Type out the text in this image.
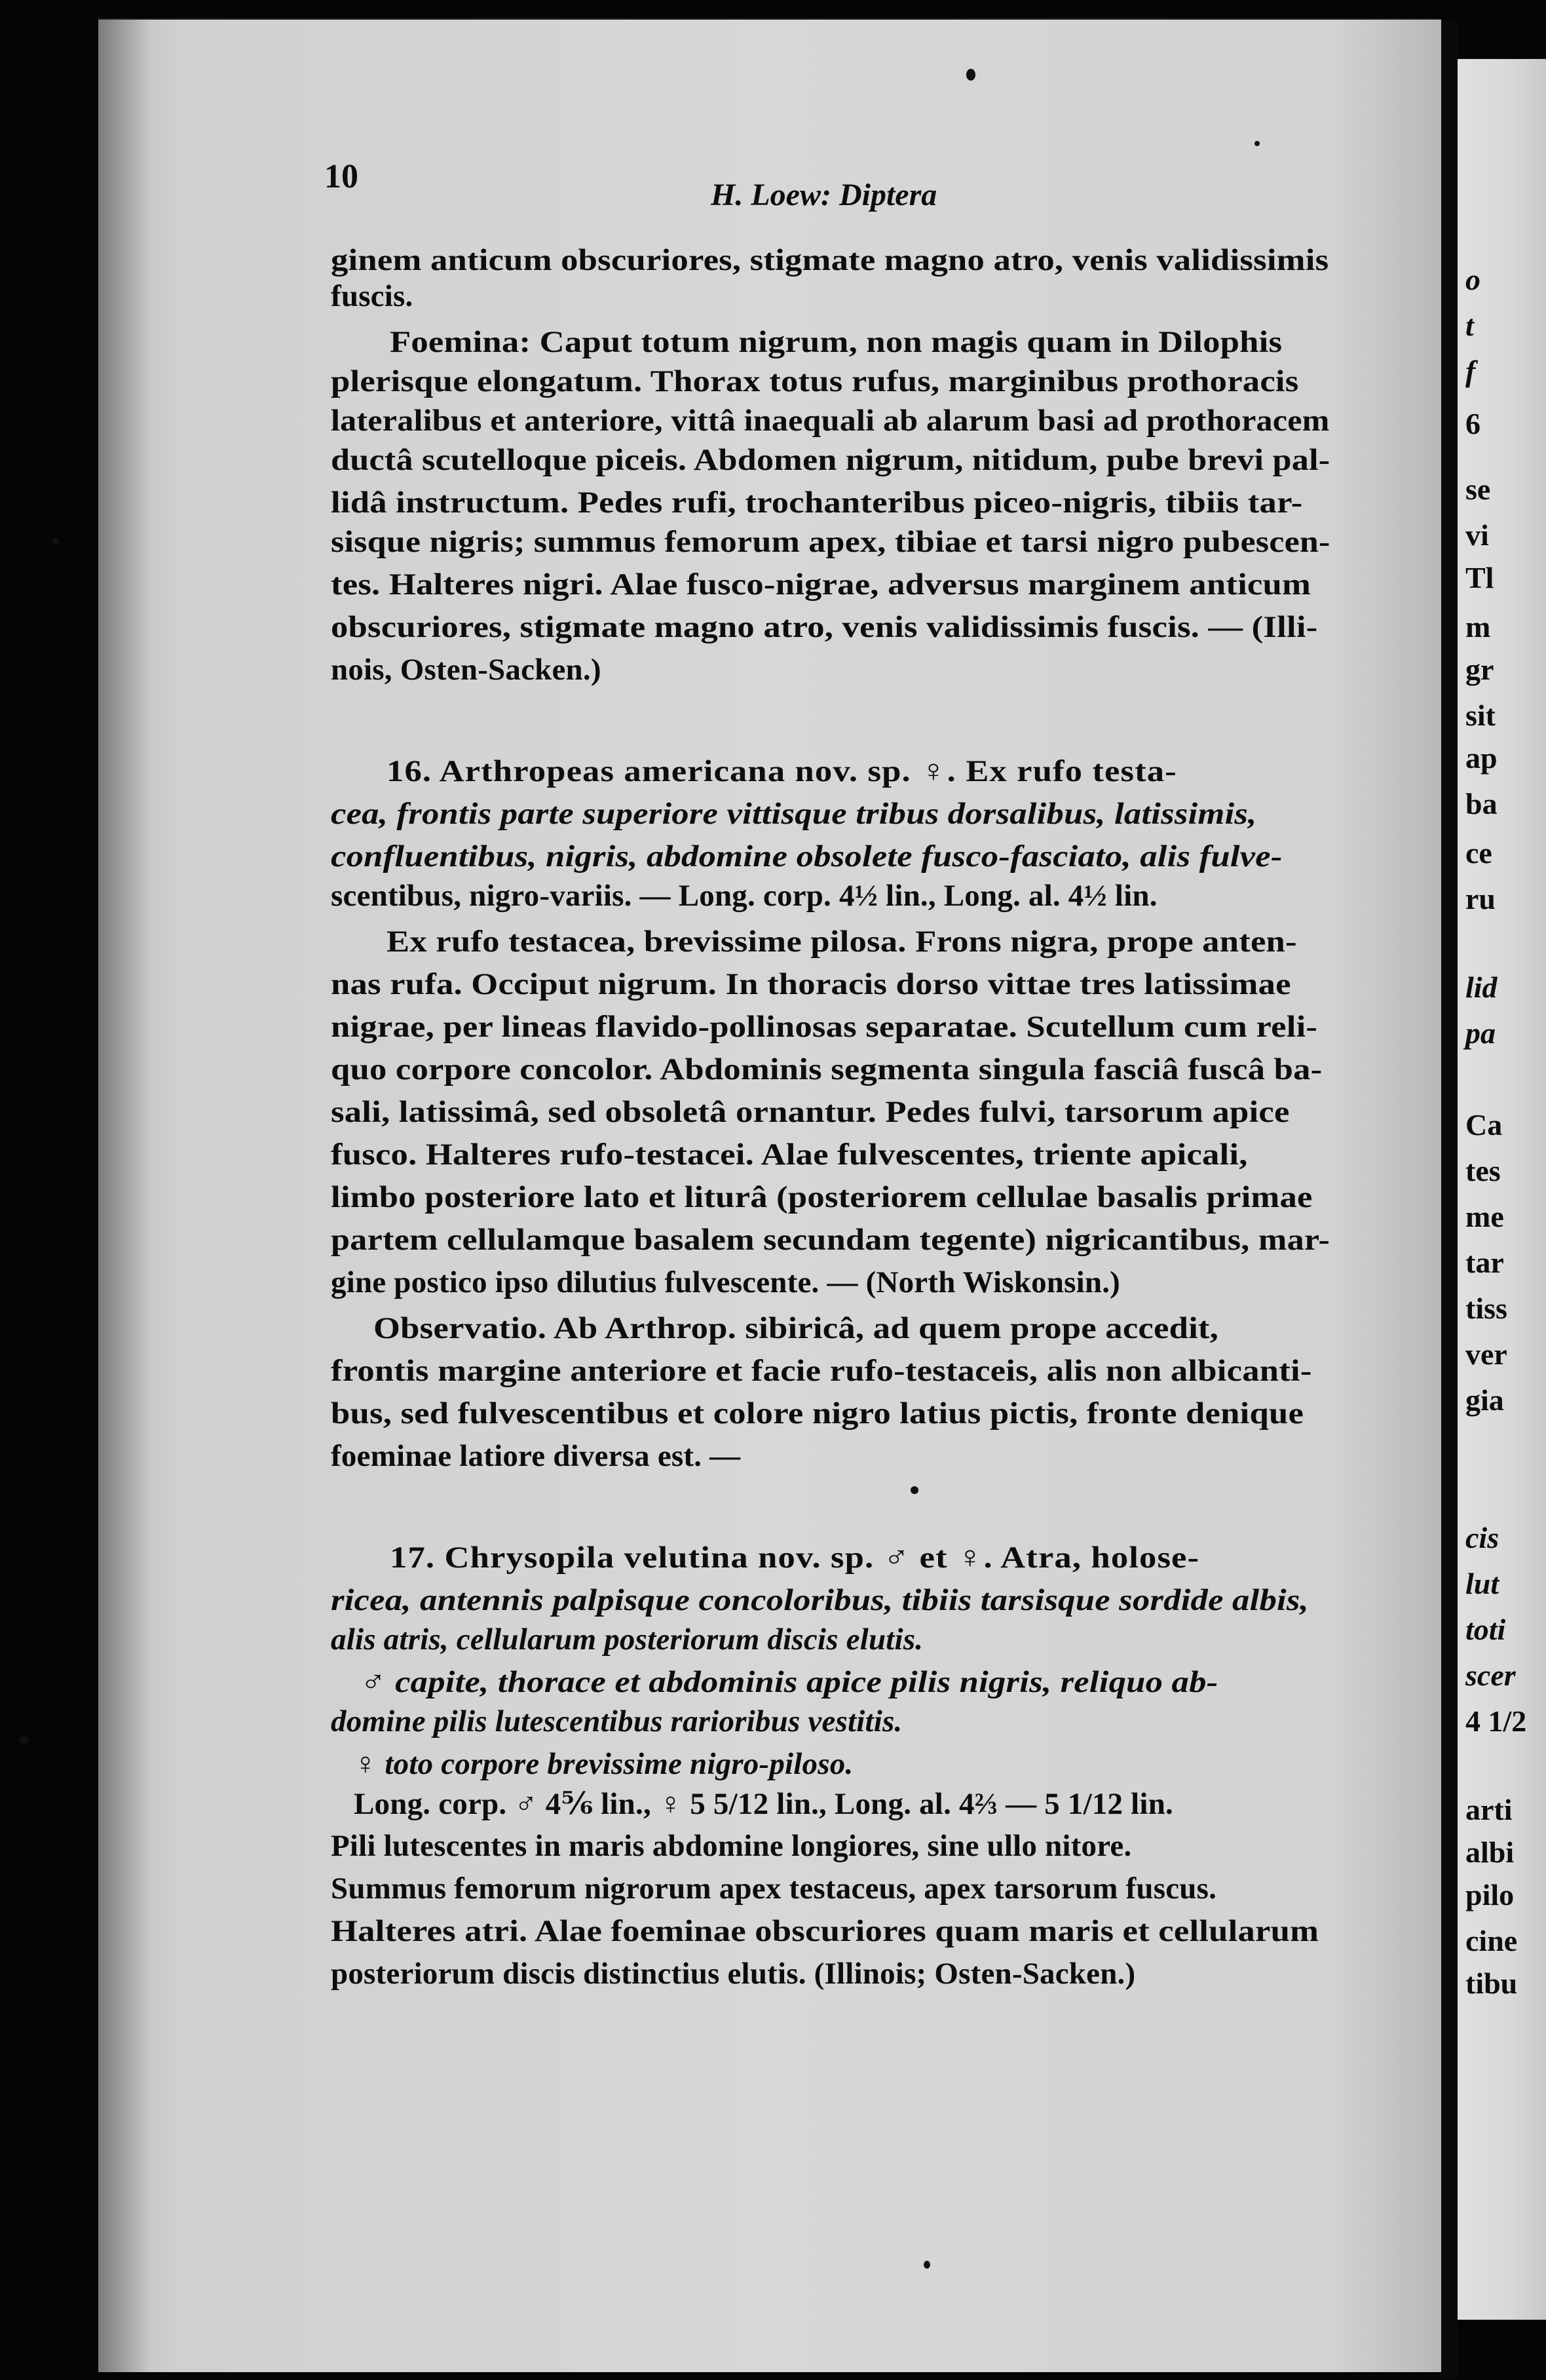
10	H. Loew: Diptera
ginem anticum obscuriores, stigmate magno atro, venis validissimis
fuscis.
Foemina: Caput totum nigrum, non magis quam in Dilophis
plerisque elongatum. Thorax totus rufus, marginibus prothoracis
lateralibus et anteriore, vittâ inaequali ab alarum basi ad prothoracem
ductâ scutelloque piceis. Abdomen nigrum, nitidum, pube brevi pal-
lidâ instructum. Pedes rufi, trochanteribus piceo-nigris, tibiis tar-
sisque nigris; summus femorum apex, tibiae et tarsi nigro pubescen-
tes. Halteres nigri. Alae fusco-nigrae, adversus marginem anticum
obscuriores, stigmate magno atro, venis validissimis fuscis. — (Illi-
nois, Osten-Sacken.)
16. Arthropeas americana nov. sp. ♀. Ex rufo testa-
cea, frontis parte superiore vittisque tribus dorsalibus, latissimis,
confluentibus, nigris, abdomine obsolete fusco-fasciato, alis fulve-
scentibus, nigro-variis. — Long. corp. 4½ lin., Long. al. 4½ lin.
Ex rufo testacea, brevissime pilosa. Frons nigra, prope anten-
nas rufa. Occiput nigrum. In thoracis dorso vittae tres latissimae
nigrae, per lineas flavido-pollinosas separatae. Scutellum cum reli-
quo corpore concolor. Abdominis segmenta singula fasciâ fuscâ ba-
sali, latissimâ, sed obsoletâ ornantur. Pedes fulvi, tarsorum apice
fusco. Halteres rufo-testacei. Alae fulvescentes, triente apicali,
limbo posteriore lato et liturâ (posteriorem cellulae basalis primae
partem cellulamque basalem secundam tegente) nigricantibus, mar-
gine postico ipso dilutius fulvescente. — (North Wiskonsin.)
Observatio. Ab Arthrop. sibiricâ, ad quem prope accedit,
frontis margine anteriore et facie rufo-testaceis, alis non albicanti-
bus, sed fulvescentibus et colore nigro latius pictis, fronte denique
foeminae latiore diversa est. —
17. Chrysopila velutina nov. sp. ♂ et ♀. Atra, holose-
ricea, antennis palpisque concoloribus, tibiis tarsisque sordide albis,
alis atris, cellularum posteriorum discis elutis.
♂ capite, thorace et abdominis apice pilis nigris, reliquo ab-
domine pilis lutescentibus rarioribus vestitis.
♀ toto corpore brevissime nigro-piloso.
Long. corp. ♂ 4⅚ lin., ♀ 5 5/12 lin., Long. al. 4⅔ — 5 1/12 lin.
Pili lutescentes in maris abdomine longiores, sine ullo nitore.
Summus femorum nigrorum apex testaceus, apex tarsorum fuscus.
Halteres atri. Alae foeminae obscuriores quam maris et cellularum
posteriorum discis distinctius elutis. (Illinois; Osten-Sacken.)
o
t
f
6
se
vi
Tl
m
gr
sit
ap
ba
ce
ru
lid
pa
Ca
tes
me
tar
tiss
ver
gia
cis
lut
toti
scer
4 1/2
arti
albi
pilo
cine
tibu
